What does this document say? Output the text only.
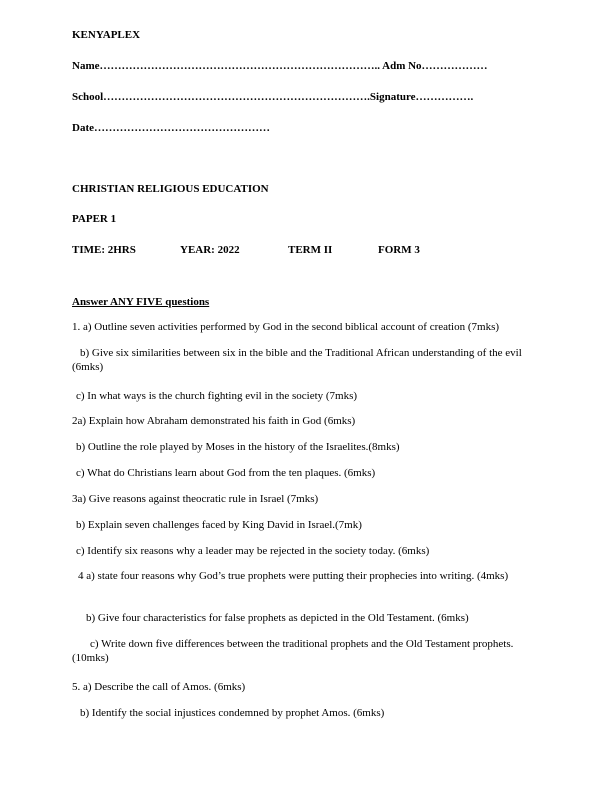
KENYAPLEX
Name………………………………………………………………….. Adm No………………
School……………………………………………………………….Signature…………….
Date…………………………………………
CHRISTIAN RELIGIOUS EDUCATION
PAPER 1
TIME: 2HRS	YEAR: 2022	TERM II	FORM 3
Answer ANY FIVE questions
1. a) Outline seven activities performed by God in the second biblical account of creation (7mks)
b) Give six similarities between six in the bible and the Traditional African understanding of the evil (6mks)
c) In what ways is the church fighting evil in the society (7mks)
2a) Explain how Abraham demonstrated his faith in God (6mks)
b) Outline the role played by Moses in the history of the Israelites.(8mks)
c) What do Christians learn about God from the ten plaques. (6mks)
3a) Give reasons against theocratic rule in Israel (7mks)
b) Explain seven challenges faced by King David in Israel.(7mk)
c) Identify six reasons why a leader may be rejected in the society today. (6mks)
4 a) state four reasons why God’s true prophets were putting their prophecies into writing. (4mks)
b) Give four characteristics for false prophets as depicted in the Old Testament. (6mks)
c) Write down five differences between the traditional prophets and the Old Testament prophets. (10mks)
5. a) Describe the call of Amos. (6mks)
b) Identify the social injustices condemned by prophet Amos. (6mks)
